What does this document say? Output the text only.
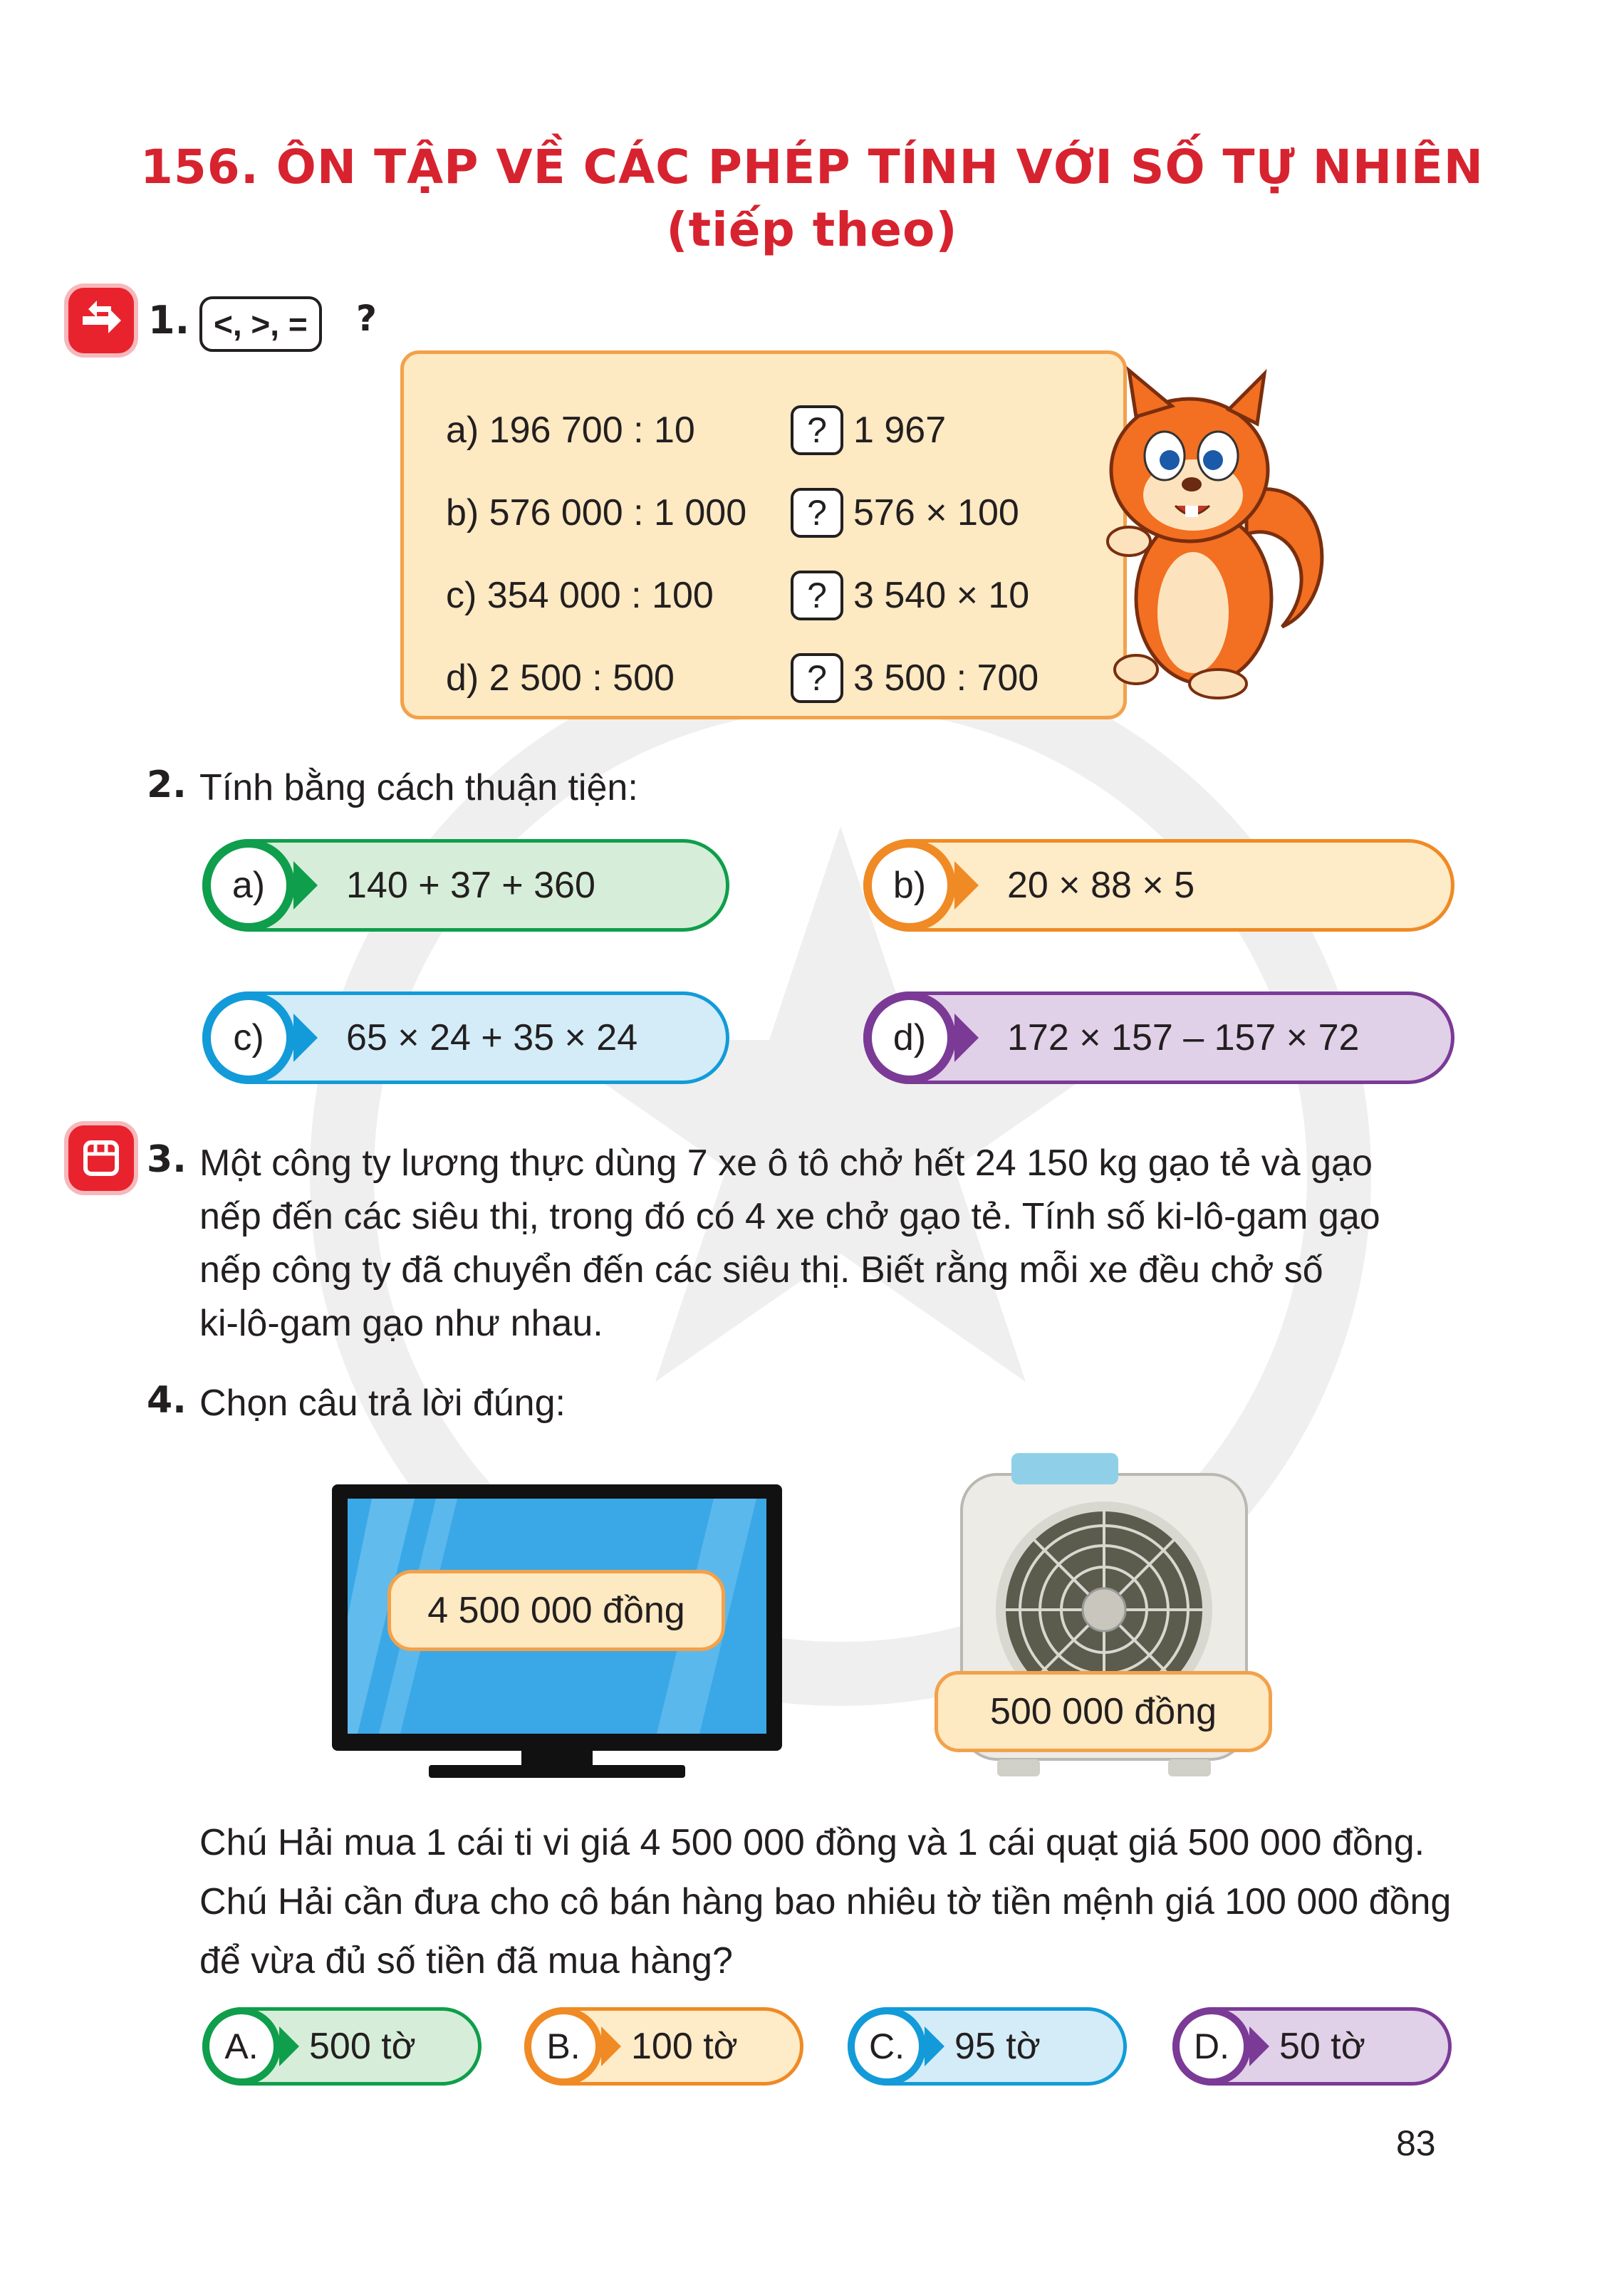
156. ÔN TẬP VỀ CÁC PHÉP TÍNH VỚI SỐ TỰ NHIÊN
(tiếp theo)
1. <, >, = ?
a) 196 700 : 10	? 1 967
b) 576 000 : 1 000	? 576 × 100
c) 354 000 : 100	? 3 540 × 10
d) 2 500 : 500	? 3 500 : 700
2. Tính bằng cách thuận tiện:
a)	140 + 37 + 360	b)	20 × 88 × 5
c)	65 × 24 + 35 × 24	d)	172 × 157 – 157 × 72
3. Một công ty lương thực dùng 7 xe ô tô chở hết 24 150 kg gạo tẻ và gạo
nếp đến các siêu thị, trong đó có 4 xe chở gạo tẻ. Tính số ki-lô-gam gạo
nếp công ty đã chuyển đến các siêu thị. Biết rằng mỗi xe đều chở số
ki-lô-gam gạo như nhau.
4. Chọn câu trả lời đúng:
4 500 000 đồng
500 000 đồng
Chú Hải mua 1 cái ti vi giá 4 500 000 đồng và 1 cái quạt giá 500 000 đồng.
Chú Hải cần đưa cho cô bán hàng bao nhiêu tờ tiền mệnh giá 100 000 đồng
để vừa đủ số tiền đã mua hàng?
A.	500 tờ	B.	100 tờ	C.	95 tờ	D.	50 tờ
83
